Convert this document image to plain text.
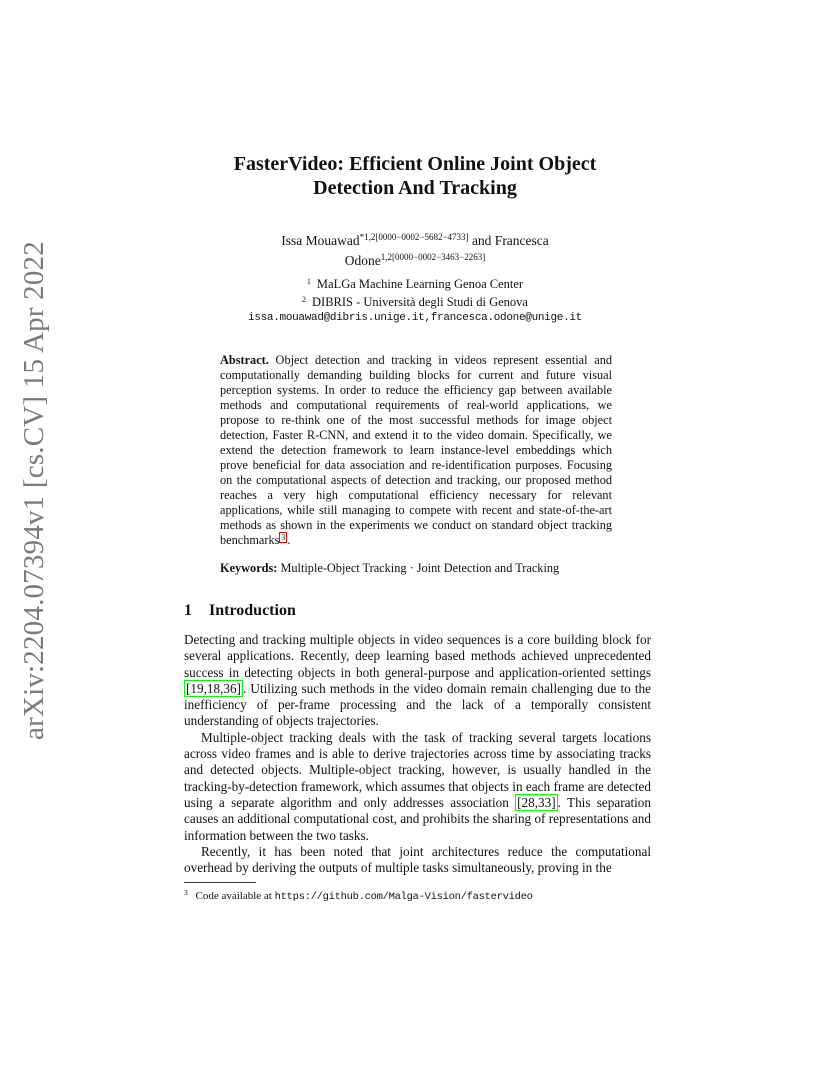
arXiv:2204.07394v1 [cs.CV] 15 Apr 2022
FasterVideo: Efficient Online Joint Object
Detection And Tracking
Issa Mouawad$^{*1,2[0000-0002-5682-4733]}$ and Francesca
Odone$^{1,2[0000-0002-3463-2263]}$
$^1$ MaLGa Machine Learning Genoa Center
$^2$ DIBRIS - Università degli Studi di Genova
issa.mouawad@dibris.unige.it,francesca.odone@unige.it
Abstract. Object detection and tracking in videos represent essential and computationally demanding building blocks for current and future visual perception systems. In order to reduce the efficiency gap between available methods and computational requirements of real-world applications, we propose to re-think one of the most successful methods for image object detection, Faster R-CNN, and extend it to the video domain. Specifically, we extend the detection framework to learn instance-level embeddings which prove beneficial for data association and re-identification purposes. Focusing on the computational aspects of detection and tracking, our proposed method reaches a very high computational efficiency necessary for relevant applications, while still managing to compete with recent and state-of-the-art methods as shown in the experiments we conduct on standard object tracking benchmarks $^3$ .
Keywords: Multiple-Object Tracking · Joint Detection and Tracking
1 Introduction

Detecting and tracking multiple objects in video sequences is a core building block for several applications. Recently, deep learning based methods achieved unprecedented success in detecting objects in both general-purpose and application-oriented settings [19,18,36] . Utilizing such methods in the video domain remain challenging due to the inefficiency of per-frame processing and the lack of a temporally consistent understanding of objects trajectories.

Multiple-object tracking deals with the task of tracking several targets locations across video frames and is able to derive trajectories across time by associating tracks and detected objects. Multiple-object tracking, however, is usually handled in the tracking-by-detection framework, which assumes that objects in each frame are detected using a separate algorithm and only addresses association [28,33] . This separation causes an additional computational cost, and prohibits the sharing of representations and information between the two tasks.

Recently, it has been noted that joint architectures reduce the computational overhead by deriving the outputs of multiple tasks simultaneously, proving in the

$^3$ Code available at https://github.com/Malga-Vision/fastervideo
